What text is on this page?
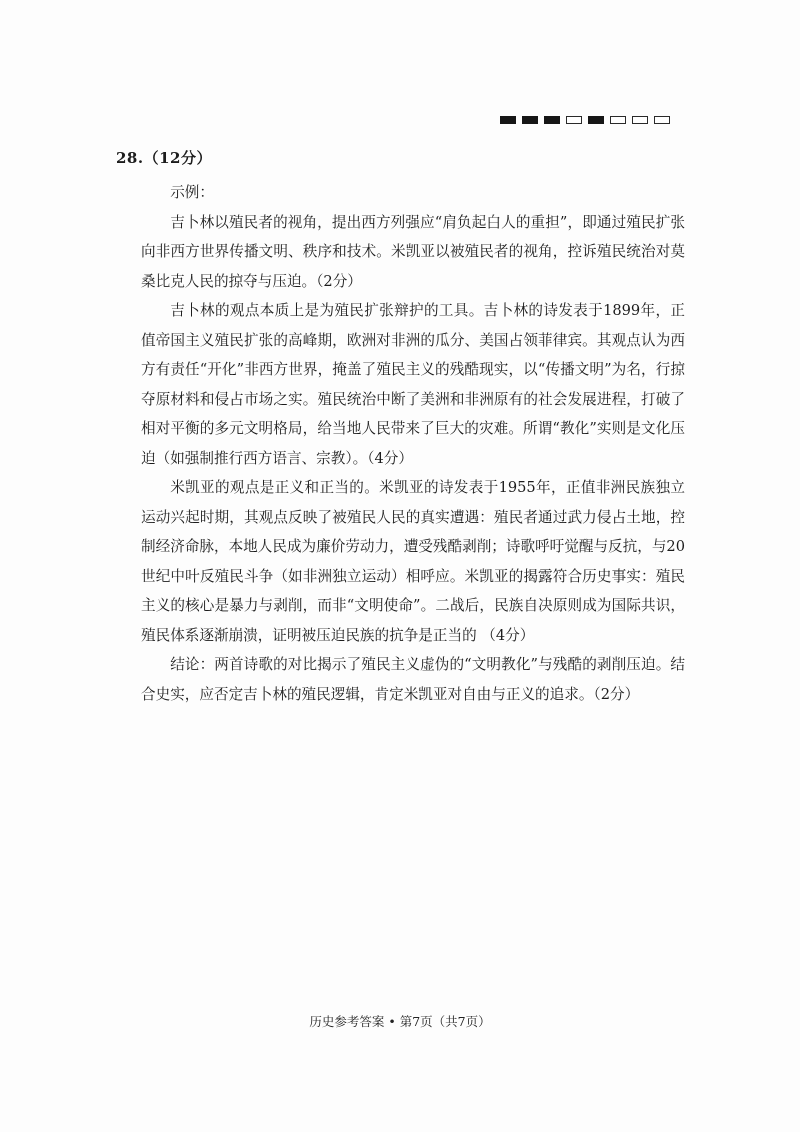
28.（12分）

示例：

吉卜林以殖民者的视角，提出西方列强应“肩负起白人的重担”，即通过殖民扩张向非西方世界传播文明、秩序和技术。米凯亚以被殖民者的视角，控诉殖民统治对莫桑比克人民的掠夺与压迫。（2分）

吉卜林的观点本质上是为殖民扩张辩护的工具。吉卜林的诗发表于1899年，正值帝国主义殖民扩张的高峰期，欧洲对非洲的瓜分、美国占领菲律宾。其观点认为西方有责任“开化”非西方世界，掩盖了殖民主义的残酷现实，以“传播文明”为名，行掠夺原材料和侵占市场之实。殖民统治中断了美洲和非洲原有的社会发展进程，打破了相对平衡的多元文明格局，给当地人民带来了巨大的灾难。所谓“教化”实则是文化压迫（如强制推行西方语言、宗教）。（4分）

米凯亚的观点是正义和正当的。米凯亚的诗发表于1955年，正值非洲民族独立运动兴起时期，其观点反映了被殖民人民的真实遭遇：殖民者通过武力侵占土地，控制经济命脉，本地人民成为廉价劳动力，遭受残酷剥削；诗歌呼吁觉醒与反抗，与20世纪中叶反殖民斗争（如非洲独立运动）相呼应。米凯亚的揭露符合历史事实：殖民主义的核心是暴力与剥削，而非“文明使命”。二战后，民族自决原则成为国际共识，殖民体系逐渐崩溃，证明被压迫民族的抗争是正当的 （4分）

结论：两首诗歌的对比揭示了殖民主义虚伪的“文明教化”与残酷的剥削压迫。结合史实，应否定吉卜林的殖民逻辑，肯定米凯亚对自由与正义的追求。（2分）

历史参考答案 • 第7页（共7页）
